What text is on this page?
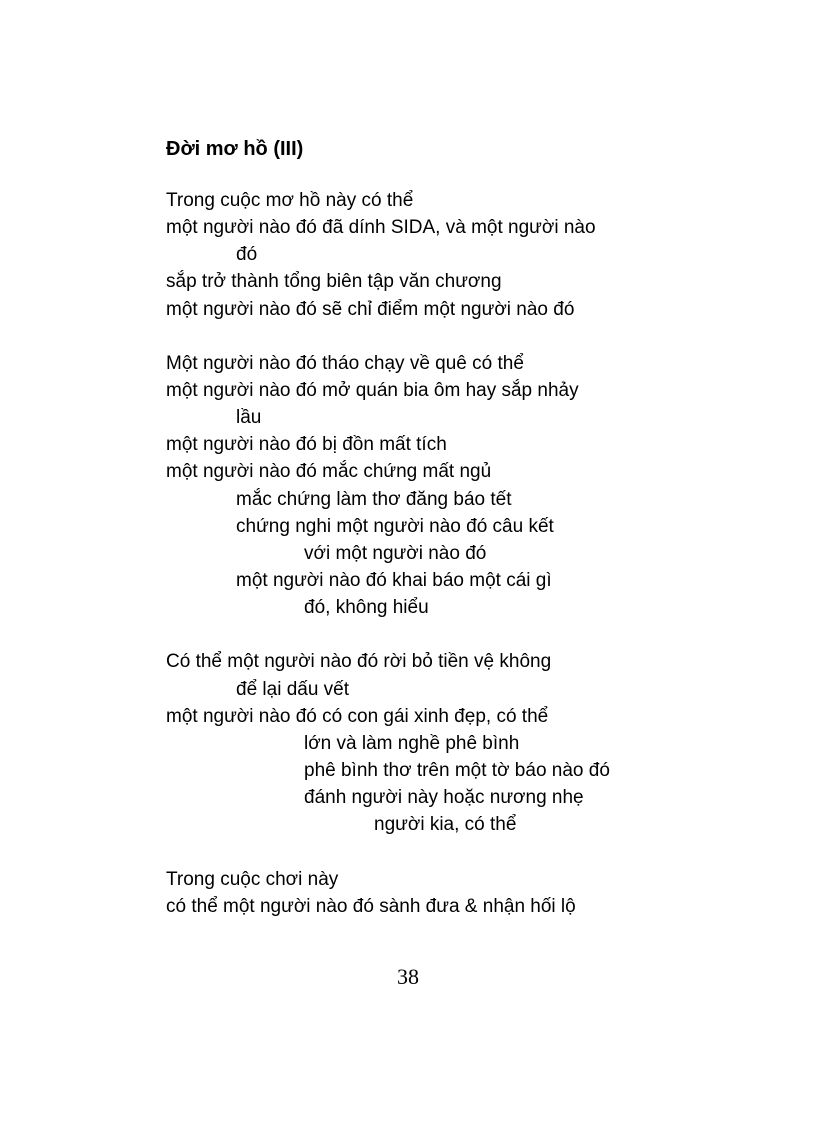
Đời mơ hồ (III)
Trong cuộc mơ hồ này có thể
một người nào đó đã dính SIDA, và một người nào
đó
sắp trở thành tổng biên tập văn chương
một người nào đó sẽ chỉ điểm một người nào đó
Một người nào đó tháo chạy về quê có thể
một người nào đó mở quán bia ôm hay sắp nhảy
lầu
một người nào đó bị đồn mất tích
một người nào đó mắc chứng mất ngủ
mắc chứng làm thơ đăng báo tết
chứng nghi một người nào đó câu kết
với một người nào đó
một người nào đó khai báo một cái gì
đó, không hiểu
Có thể một người nào đó rời bỏ tiền vệ không
để lại dấu vết
một người nào đó có con gái xinh đẹp, có thể
lớn và làm nghề phê bình
phê bình thơ trên một tờ báo nào đó
đánh người này hoặc nương nhẹ
người kia, có thể
Trong cuộc chơi này
có thể một người nào đó sành đưa & nhận hối lộ

38
